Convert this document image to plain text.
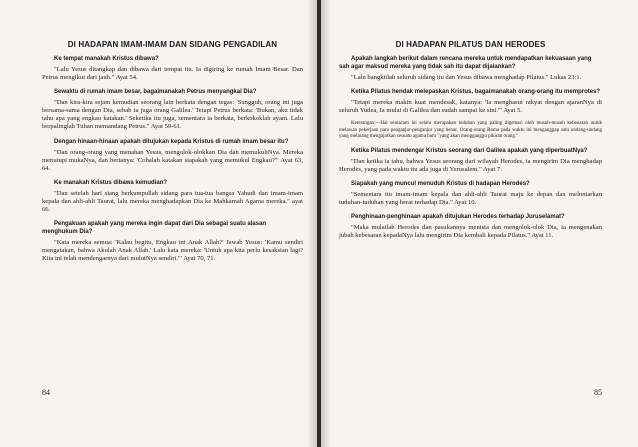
DI HADAPAN IMAM-IMAM DAN SIDANG PENGADILAN

Ke tempat manakah Kristus dibawa?

"Lalu Yesus ditangkap dan dibawa dari tempat itu. Ia digiring ke rumah Imam Besar. Dan Petrus mengikut dari jauh." Ayat 54.

Sewaktu di rumah imam besar, bagaimanakah Petrus menyangkal Dia?

"Dan kira-kira sejam kemudian seorang lain berkata dengan tegas: 'Sungguh, orang ini juga bersama-sama dengan Dia, sebab ia juga orang Galilea.' Tetapi Petrus berkata: 'Bukan, aku tidak tahu apa yang engkau katakan.' Seketika itu juga, sementara ia berkata, berkokoklah ayam. Lalu berpalinglah Tuhan memandang Petrus." Ayat 59-61.

Dengan hinaan-hinaan apakah ditujukan kepada Kristus di rumah imam besar itu?

"Dan orang-orang yang menahan Yesus, mengolok-olokkan Dia dan memukuliNya. Mereka menutupi mukaNya, dan bertanya: 'Cobalah katakan siapakah yang memukul Engkau?'" Ayat 63, 64.

Ke manakah Kristus dibawa kemudian?

"Dan setelah hari siang berkumpullah sidang para tua-tua bangsa Yahudi dan imam-imam kepala dan ahli-ahli Taurat, lalu mereka menghadapkan Dia ke Mahkamah Agama mereka." ayat 66.

Pengakuan apakah yang mereka ingin dapat dari Dia sebagai suatu alasan menghukum Dia?

"Kata mereka semua: 'Kalau begitu, Engkau ini Anak Allah?' Jawab Yesus: 'Kamu sendiri mengatakan, bahwa Akulah Anak Allah.' Lalu kata mereka: 'Untuk apa kita perlu kesaksian lagi? Kita ini telah mendengarnya dari mulutNya sendiri.'" Ayat 70, 71.

84
DI HADAPAN PILATUS DAN HERODES

Apakah langkah berikut dalam rencana mereka untuk mendapatkan kekuasaan yang sah agar maksud mereka yang tidak sah itu dapat dijalankan?

"Lalu bangkitlah seluruh sidang itu dan Yesus dibawa menghadap Pilatus." Lukas 23:1.

Ketika Pilatus hendak melepaskan Kristus, bagaimanakah orang-orang itu memprotes?

"Tetapi mereka makin kuat mendesak, katanya: 'Ia menghasut rakyat dengan ajaranNya di seluruh Yudea, Ia mulai di Galilea dan sudah sampai ke sini.'" Ayat 5.

Keterangan:—Hal semacam ini selalu merupakan tuduhan yang paling digemari oleh musuh-musuh kebenaran untuk melawan pekerjaan para penganjur-penganjur yang benar. Orang-orang Roma pada waktu ini menganggap satu undang-undang yang melarang mengajarkan sesuatu agama baru "yang akan mengganggu pikiran orang."

Ketika Pilatus mendengar Kristus seorang dari Galilea apakah yang diperbuatNya?

"Dan ketika ia tahu, bahwa Yesus seorang dari wilayah Herodes, ia mengirim Dia menghadap Herodes, yang pada waktu itu ada juga di Yerusalem." Ayat 7.

Siapakah yang muncul menuduh Kristus di hadapan Herodes?

"Sementara itu imam-imam kepala dan ahli-ahli Taurat maju ke depan dan melontarkan tuduhan-tuduhan yang berat terhadap Dia." Ayat 10.

Penghinaan-penghinaan apakah ditujukan Herodes terhadap Juruselamat?

"Maka mulailah Herodes dan pasukannya menista dan mengolok-olok Dia, ia mengenakan jubah kebesaran kepadaNya lalu mengirim Dia kembali kepada Pilatus." Ayat 11.

85
